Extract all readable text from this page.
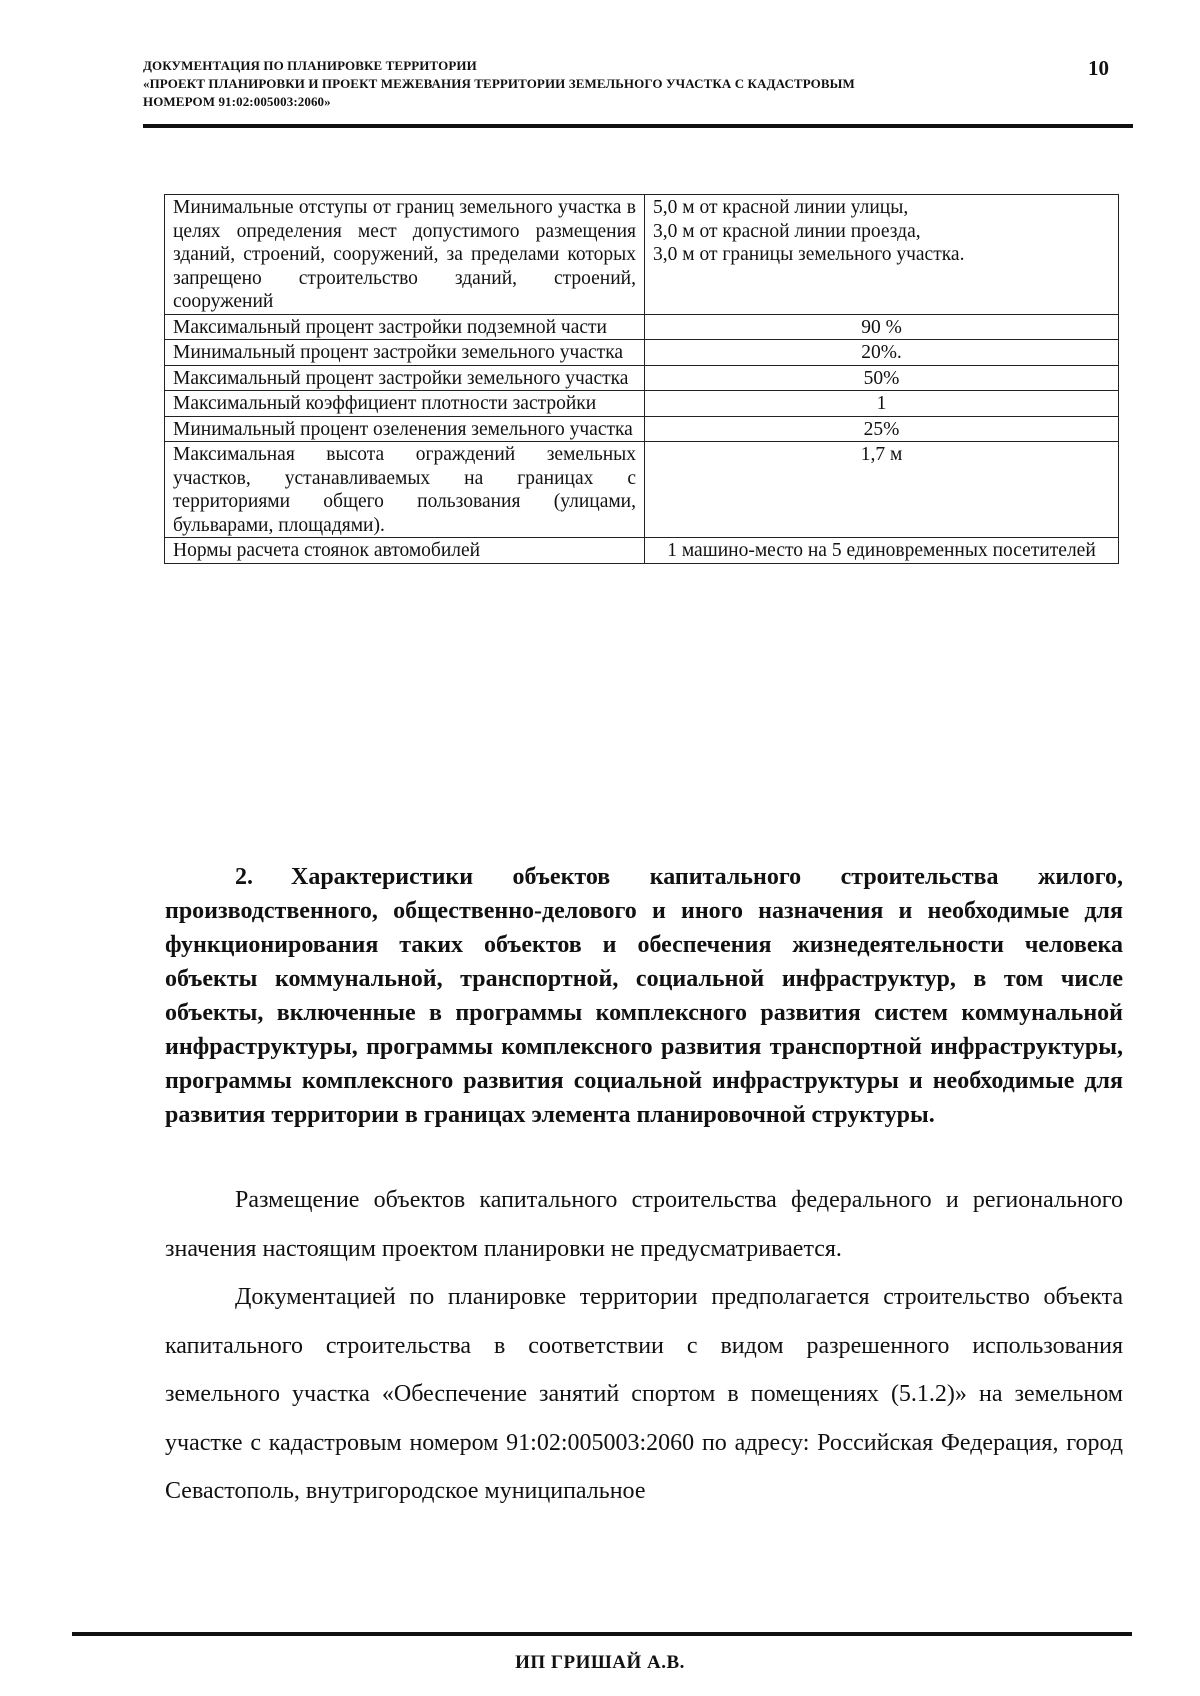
ДОКУМЕНТАЦИЯ ПО ПЛАНИРОВКЕ ТЕРРИТОРИИ
«ПРОЕКТ ПЛАНИРОВКИ И ПРОЕКТ МЕЖЕВАНИЯ ТЕРРИТОРИИ ЗЕМЕЛЬНОГО УЧАСТКА С КАДАСТРОВЫМ
НОМЕРОМ 91:02:005003:2060»
10
Минимальные отступы от границ земельного участка в целях определения мест допустимого размещения зданий, строений, сооружений, за пределами которых запрещено строительство зданий, строений, сооружений	5,0 м от красной линии улицы,
3,0 м от красной линии проезда,
3,0 м от границы земельного участка.

Максимальный процент застройки подземной части	90 %
Минимальный процент застройки земельного участка	20%.
Максимальный процент застройки земельного участка	50%
Максимальный коэффициент плотности застройки	1
Минимальный процент озеленения земельного участка	25%
Максимальная высота ограждений земельных участков, устанавливаемых на границах с территориями общего пользования (улицами, бульварами, площадями).	1,7 м
Нормы расчета стоянок автомобилей	1 машино-место на 5 единовременных посетителей
2. Характеристики объектов капитального строительства жилого, производственного, общественно-делового и иного назначения и необходимые для функционирования таких объектов и обеспечения жизнедеятельности человека объекты коммунальной, транспортной, социальной инфраструктур, в том числе объекты, включенные в программы комплексного развития систем коммунальной инфраструктуры, программы комплексного развития транспортной инфраструктуры, программы комплексного развития социальной инфраструктуры и необходимые для развития территории в границах элемента планировочной структуры.
Размещение объектов капитального строительства федерального и регионального значения настоящим проектом планировки не предусматривается.
Документацией по планировке территории предполагается строительство объекта капитального строительства в соответствии с видом разрешенного использования земельного участка «Обеспечение занятий спортом в помещениях (5.1.2)» на земельном участке с кадастровым номером 91:02:005003:2060 по адресу: Российская Федерация, город Севастополь, внутригородское муниципальное
ИП ГРИШАЙ А.В.
